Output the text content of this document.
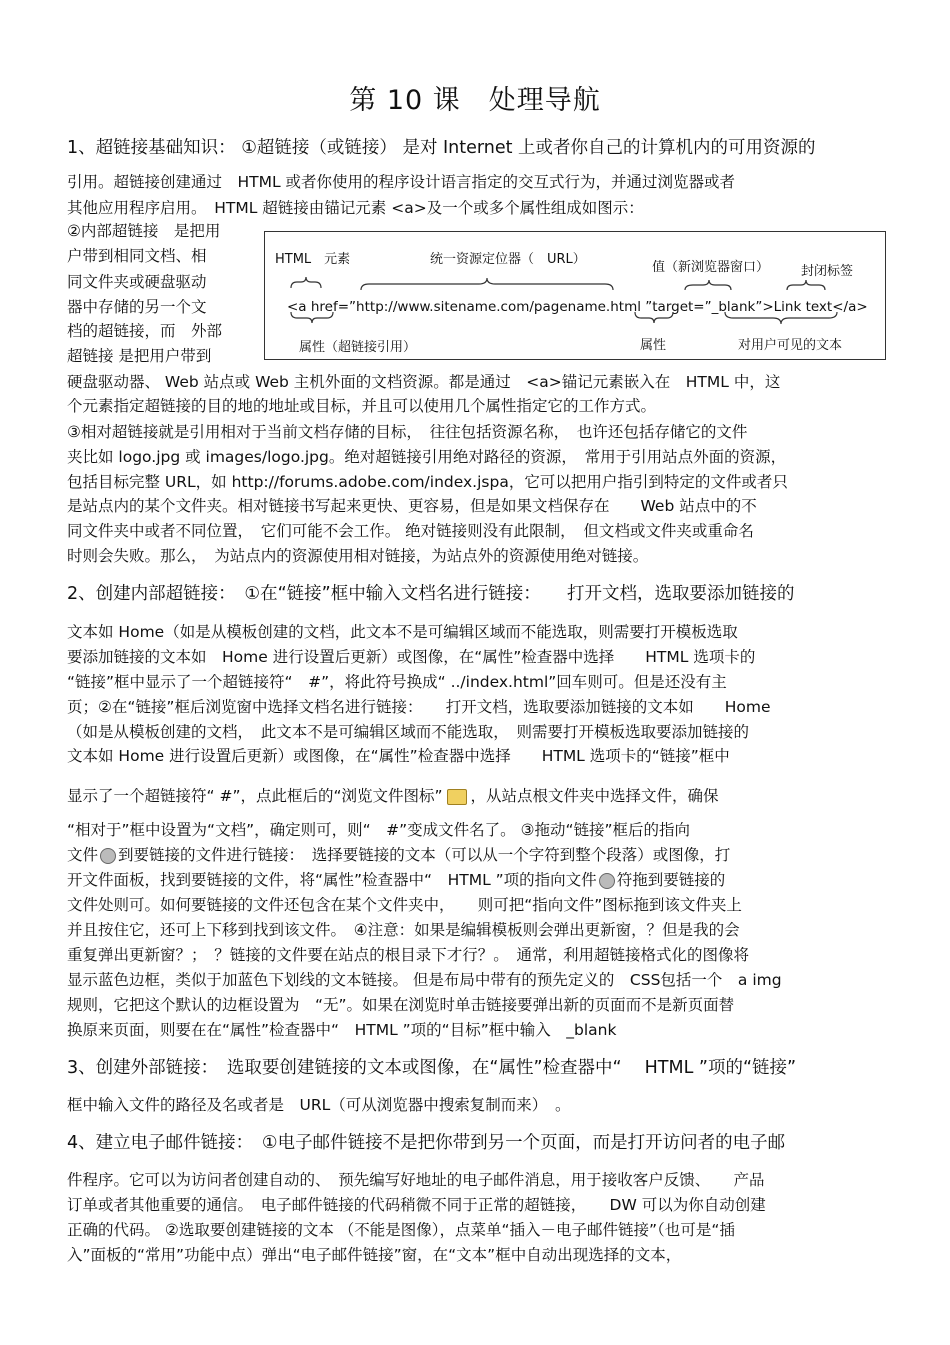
第 10 课　处理导航
1、超链接基础知识： ①超链接（或链接） 是对 Internet 上或者你自己的计算机内的可用资源的
引用。超链接创建通过　HTML 或者你使用的程序设计语言指定的交互式行为，并通过浏览器或者
其他应用程序启用。　HTML 超链接由锚记元素 <a>及一个或多个属性组成如图示：
②内部超链接　是把用
户带到相同文档、相
同文件夹或硬盘驱动
器中存储的另一个文
档的超链接，而　外部
超链接 是把用户带到
硬盘驱动器、 Web 站点或 Web 主机外面的文档资源。都是通过　<a>锚记元素嵌入在　HTML 中，这
个元素指定超链接的目的地的地址或目标，并且可以使用几个属性指定它的工作方式。
③相对超链接就是引用相对于当前文档存储的目标，　往往包括资源名称，　也许还包括存储它的文件
夹比如 logo.jpg 或 images/logo.jpg。绝对超链接引用绝对路径的资源，　常用于引用站点外面的资源，
包括目标完整 URL，如 http://forums.adobe.com/index.jspa，它可以把用户指引到特定的文件或者只
是站点内的某个文件夹。相对链接书写起来更快、更容易，但是如果文档保存在　　Web 站点中的不
同文件夹中或者不同位置，　它们可能不会工作。 绝对链接则没有此限制，　但文档或文件夹或重命名
时则会失败。那么，　为站点内的资源使用相对链接，为站点外的资源使用绝对链接。
2、创建内部超链接：　①在“链接”框中输入文档名进行链接：　　打开文档，选取要添加链接的
文本如 Home（如是从模板创建的文档，此文本不是可编辑区域而不能选取，则需要打开模板选取
要添加链接的文本如　Home 进行设置后更新）或图像，在“属性”检查器中选择　　HTML 选项卡的
“链接”框中显示了一个超链接符“　#”，将此符号换成“ ../index.html”回车则可。但是还没有主
页；②在“链接”框后浏览窗中选择文档名进行链接：　　打开文档，选取要添加链接的文本如　　Home
（如是从模板创建的文档，　此文本不是可编辑区域而不能选取，　则需要打开模板选取要添加链接的
文本如 Home 进行设置后更新）或图像，在“属性”检查器中选择　　HTML 选项卡的“链接”框中
显示了一个超链接符“ #”，点此框后的“浏览文件图标” ，从站点根文件夹中选择文件，确保
“相对于”框中设置为“文档”，确定则可，则“　#”变成文件名了。 ③拖动“链接”框后的指向
文件 到要链接的文件进行链接：　选择要链接的文本（可以从一个字符到整个段落）或图像，打
开文件面板，找到要链接的文件，将“属性”检查器中“　HTML ”项的指向文件 符拖到要链接的
文件处则可。如何要链接的文件还包含在某个文件夹中，　　则可把“指向文件”图标拖到该文件夹上
并且按住它，还可上下移到找到该文件。　④注意：如果是编辑模板则会弹出更新窗，？但是我的会
重复弹出更新窗？；　？链接的文件要在站点的根目录下才行？。　通常，利用超链接格式化的图像将
显示蓝色边框，类似于加蓝色下划线的文本链接。 但是布局中带有的预先定义的　CSS包括一个　a img
规则，它把这个默认的边框设置为　“无”。如果在浏览时单击链接要弹出新的页面而不是新页面替
换原来页面，则要在在“属性”检查器中“　HTML ”项的“目标”框中输入　_blank
3、创建外部链接：　选取要创建链接的文本或图像，在“属性”检查器中“　 HTML ”项的“链接”
框中输入文件的路径及名或者是　URL（可从浏览器中搜索复制而来）　。
4、建立电子邮件链接：　①电子邮件链接不是把你带到另一个页面，而是打开访问者的电子邮
件程序。它可以为访问者创建自动的、　预先编写好地址的电子邮件消息，用于接收客户反馈、　　产品
订单或者其他重要的通信。　电子邮件链接的代码稍微不同于正常的超链接，　　DW 可以为你自动创建
正确的代码。 ②选取要创建链接的文本 （不能是图像），点菜单“插入－电子邮件链接”（也可是“插
入”面板的“常用”功能中点）弹出“电子邮件链接”窗，在“文本”框中自动出现选择的文本，
HTML　元素	统一资源定位器（　URL）
值（新浏览器窗口） 封闭标签
<a href=”http://www.sitename.com/pagename.html ”target=”_blank”>Link text</a>
属性（超链接引用）	属性	对用户可见的文本
